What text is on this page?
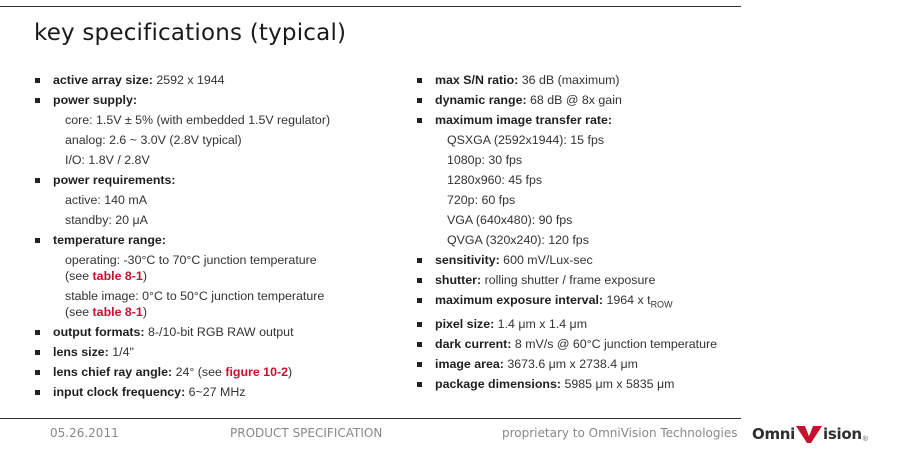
key specifications (typical)
active array size: 2592 x 1944
power supply:
core: 1.5V ± 5% (with embedded 1.5V regulator)
analog: 2.6 ~ 3.0V (2.8V typical)
I/O: 1.8V / 2.8V
power requirements:
active: 140 mA
standby: 20 μA
temperature range:
operating: -30°C to 70°C junction temperature
(see table 8-1)
stable image: 0°C to 50°C junction temperature
(see table 8-1)
output formats: 8-/10-bit RGB RAW output
lens size: 1/4"
lens chief ray angle: 24° (see figure 10-2)
input clock frequency: 6~27 MHz
max S/N ratio: 36 dB (maximum)
dynamic range: 68 dB @ 8x gain
maximum image transfer rate:
QSXGA (2592x1944): 15 fps
1080p: 30 fps
1280x960: 45 fps
720p: 60 fps
VGA (640x480): 90 fps
QVGA (320x240): 120 fps
sensitivity: 600 mV/Lux-sec
shutter: rolling shutter / frame exposure
maximum exposure interval: 1964 x $t_{ROW}$
pixel size: 1.4 μm x 1.4 μm
dark current: 8 mV/s @ 60°C junction temperature
image area: 3673.6 μm x 2738.4 μm
package dimensions: 5985 μm x 5835 μm
05.26.2011	PRODUCT SPECIFICATION	proprietary to OmniVision Technologies Omni ision ®
